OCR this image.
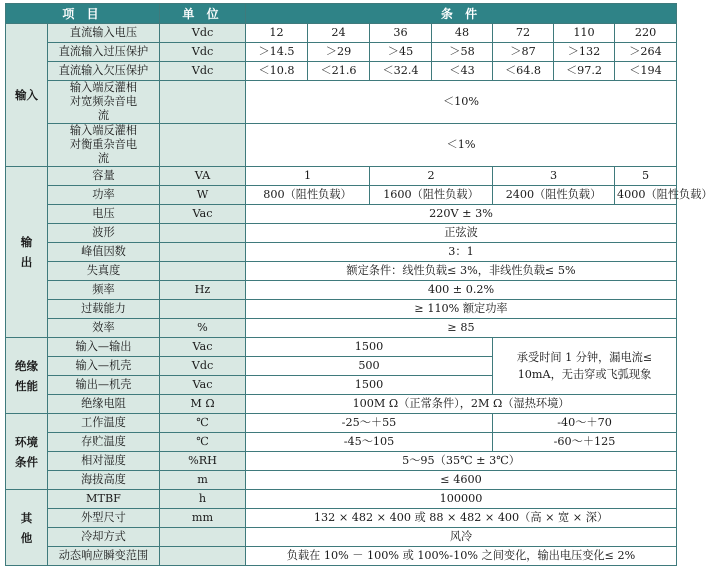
项 目		单 位	条 件						
输入	直流输入电压	Vdc	12	24	36	48	72	110	220
	直流输入过压保护	Vdc	＞14.5	＞29	＞45	＞58	＞87	＞132	＞264
	直流输入欠压保护	Vdc	＜10.8	＜21.6	＜32.4	＜43	＜64.8	＜97.2	＜194
	输入端反灌相对宽频杂音电流		＜10%						
	输入端反灌相对衡重杂音电流		＜1%						
输出	容量	VA	1		2		3		5
	功率	W	800（阻性负载）		1600（阻性负载）		2400（阻性负载）		4000（阻性负载）
	电压	Vac	220V ± 3%						
	波形		正弦波						
	峰值因数		3：1						
	失真度		额定条件：线性负载≤ 3%，非线性负载≤ 5%						
	频率	Hz	400 ± 0.2%						
	过载能力		≥ 110% 额定功率						
	效率	%	≥ 85						
绝缘性能	输入—输出	Vac	1500				承受时间 1 分钟，漏电流≤ 10mA，无击穿或飞弧现象		
	输入—机壳	Vdc	500						
	输出—机壳	Vac	1500						
	绝缘电阻	M Ω	100M Ω（正常条件），2M Ω（湿热环境）						
环境条件	工作温度	℃	-25～＋55				-40～＋70		
	存贮温度	℃	-45～105				-60～＋125		
	相对湿度	%RH	5～95（35℃ ± 3℃）						
	海拔高度	m	≤ 4600						
其他	MTBF	h	100000						
	外型尺寸	mm	132 × 482 × 400 或 88 × 482 × 400（高 × 宽 × 深）						
	冷却方式		风冷						
	动态响应瞬变范围		负载在 10% － 100% 或 100%-10% 之间变化，输出电压变化≤ 2%						
